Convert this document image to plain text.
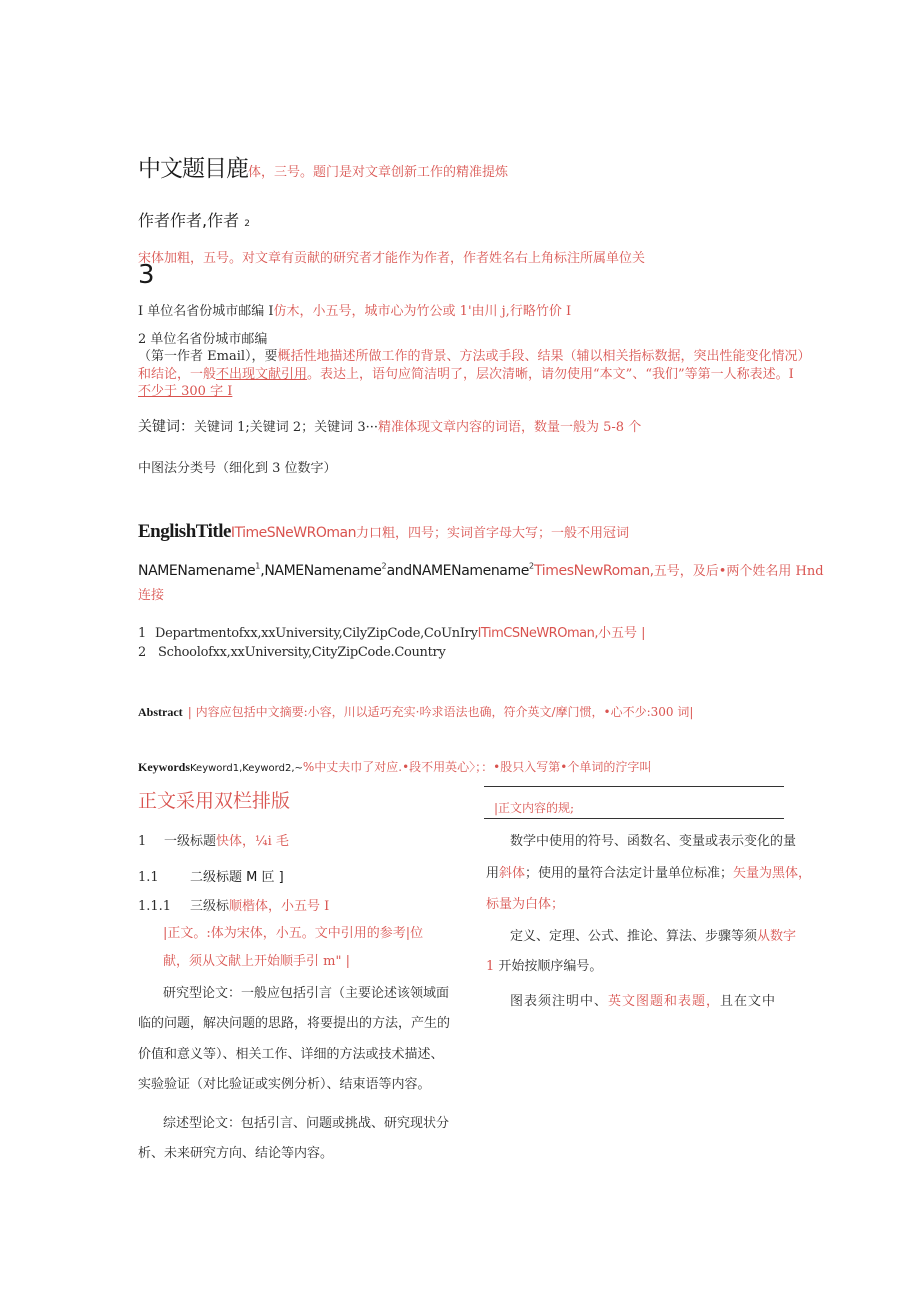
中文题目鹿体，三号。题门是对文章创新工作的精准提炼
作者作者,作者 2
宋体加粗，五号。对文章有贡献的研究者才能作为作者，作者姓名右上角标注所属单位关
3
I 单位名省份城市邮编 I仿木，小五号，城市心为竹公或 1'由川 j,行略竹价 I
2 单位名省份城市邮编
（第一作者 Email），要概括性地描述所做工作的背景、方法或手段、结果（辅以相关指标数据，突出性能变化情况）
和结论，一般不出现文献引用。表达上，语句应简洁明了，层次清晰，请勿使用“本文”、“我们”等第一人称表述。I
不少于 300 字 I
关键词：关键词 1;关键词 2；关键词 3···精准体现文章内容的词语，数量一般为 5-8 个
中图法分类号（细化到 3 位数字）
EnglishTitleITimeSNeWROman力口粗，四号；实词首字母大写；一般不用冠词
NAMENamename$^1$,NAMENamename$^2$andNAMENamename$^2$TimesNewRoman,五号，及后•两个姓名用 Hnd
连接
1 Departmentofxx,xxUniversity,CilyZipCode,CoUnIryITimCSNeWROman,小五号 |
2 Schoolofxx,xxUniversity,CityZipCode.Country
Abstract | 内容应包括中文摘要:小容，川以适巧充实·吟求语法也确，符介英文/摩门惯，•心不少:300 词|
KeywordsKeyword1,Keyword2,~%中丈夫巾了对应.•段不用英心〉；：•股只入写第•个单词的泞字叫
正文采用双栏排版
1 一级标题快体，¼i 毛
1.1 二级标题 M 叵 ]
1.1.1 三级标顺楷体，小五号 I
|正文。:体为宋体，小五。文中引用的参考|位
献，须从文献上开始顺手引 m" |
研究型论文：一般应包括引言（主要论述该领域面
临的问题，解决问题的思路，将要提出的方法，产生的
价值和意义等）、相关工作、详细的方法或技术描述、
实验验证（对比验证或实例分析）、结束语等内容。
综述型论文：包括引言、问题或挑战、研究现状分
析、未来研究方向、结论等内容。
|正文内容的规;
数学中使用的符号、函数名、变量或表示变化的量
用斜体；使用的量符合法定计量单位标准；矢量为黑体，
标量为白体；
定义、定理、公式、推论、算法、步骤等须从数字
1 开始按顺序编号。
图表须注明中、英文图题和表题，且在文中
